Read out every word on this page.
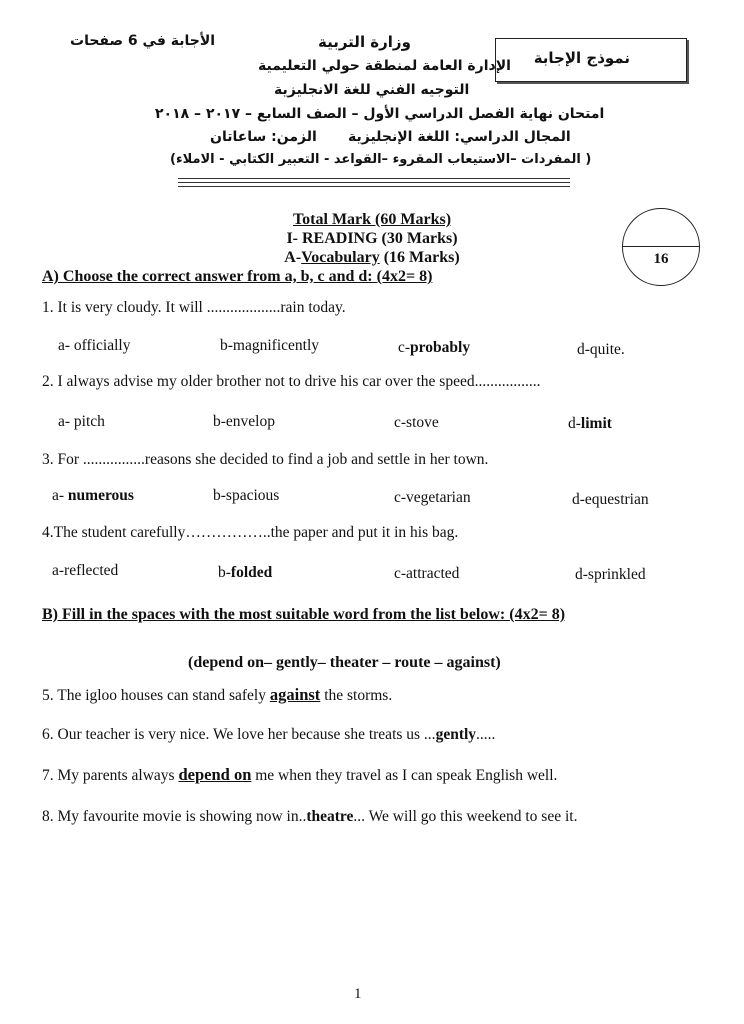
الأجابة في 6 صفحات	وزارة التربية
الإدارة العامة لمنطقة حولي التعليمية
التوجيه الفني للغة الانجليزية
نموذج الإجابة
امتحان نهاية الفصل الدراسي الأول – الصف السابع – ٢٠١٧ – ٢٠١٨
المجال الدراسي: اللغة الإنجليزية
الزمن: ساعاتان
( المفردات –الاستيعاب المقروء –القواعد - التعبير الكتابي - الاملاء)
Total Mark (60 Marks)
I- READING (30 Marks)
A-Vocabulary (16 Marks)	16
A) Choose the correct answer from a, b, c and d: (4x2= 8)
1. It is very cloudy. It will ...................rain today.
a- officially	b-magnificently	c-probably	d-quite.
2. I always advise my older brother not to drive his car over the speed.................
a- pitch	b-envelop	c-stove	d-limit
3. For ................reasons she decided to find a job and settle in her town.
a- numerous	b-spacious	c-vegetarian	d-equestrian
4.The student carefully……………..the paper and put it in his bag.
a-reflected	b-folded	c-attracted	d-sprinkled
B) Fill in the spaces with the most suitable word from the list below: (4x2= 8)
(depend on– gently– theater – route – against)
5. The igloo houses can stand safely against the storms.
6. Our teacher is very nice. We love her because she treats us ...gently.....
7. My parents always depend on me when they travel as I can speak English well.
8. My favourite movie is showing now in..theatre... We will go this weekend to see it.
1
